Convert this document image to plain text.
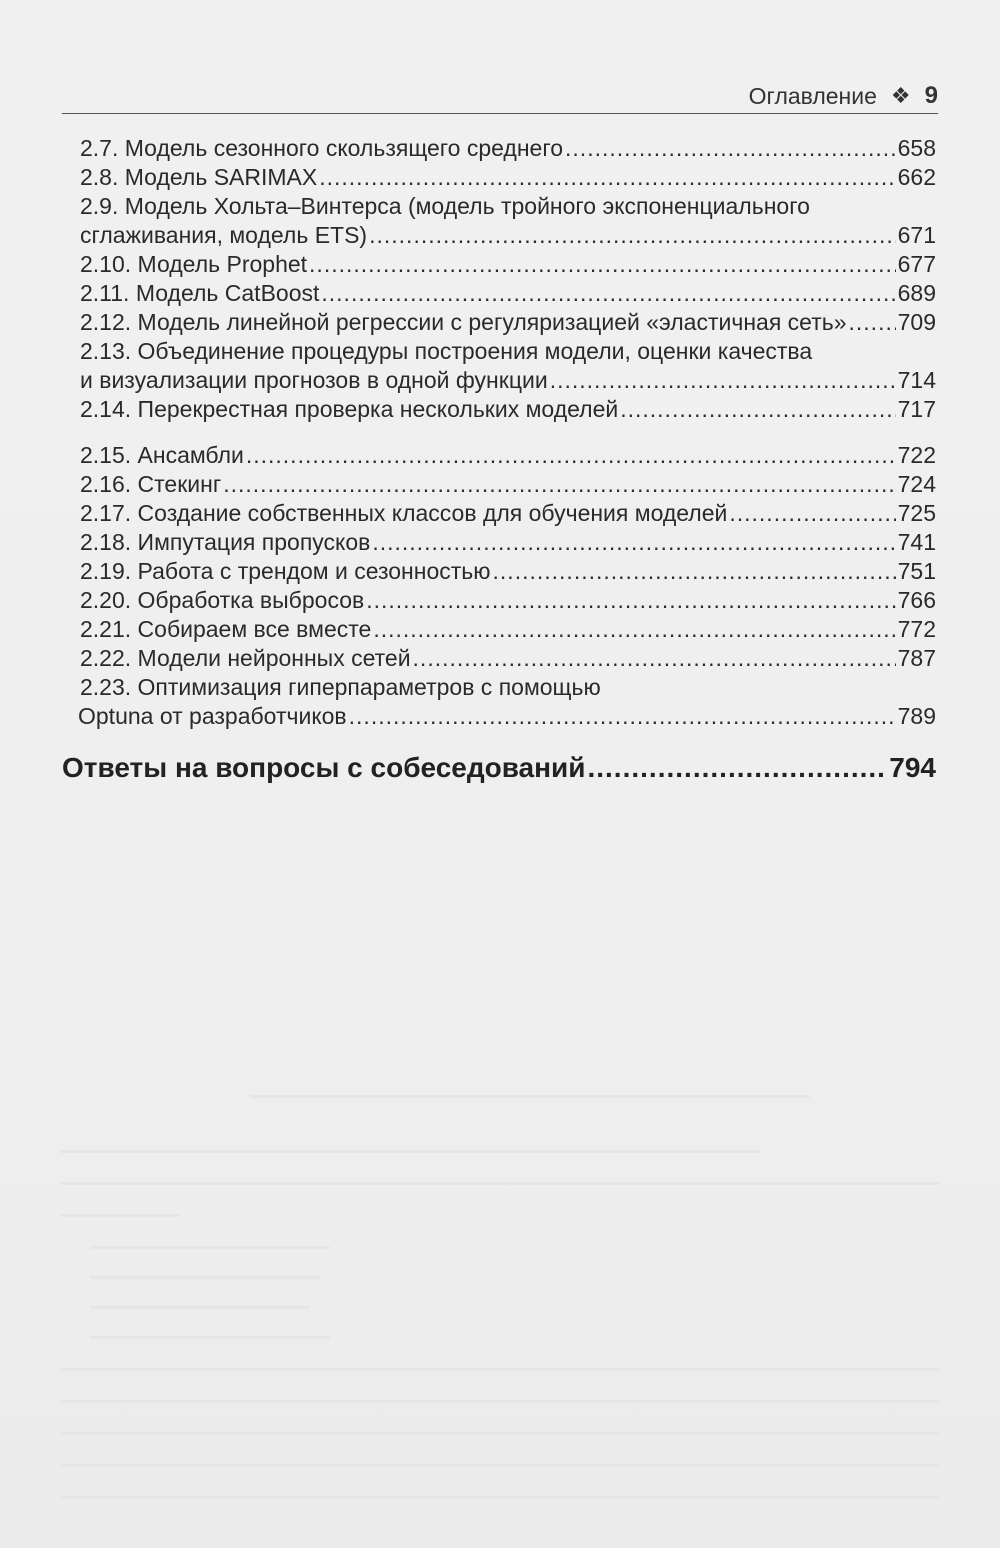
Оглавление ❖ 9
2.7. Модель сезонного скользящего среднего .....	658
2.8. Модель SARIMAX .....	662
2.9. Модель Хольта–Винтерса (модель тройного экспоненциального
сглаживания, модель ETS) .....	671
2.10. Модель Prophet .....	677
2.11. Модель CatBoost .....	689
2.12. Модель линейной регрессии с регуляризацией «эластичная сеть» ..... 709
2.13. Объединение процедуры построения модели, оценки качества
и визуализации прогнозов в одной функции .....	714
2.14. Перекрестная проверка нескольких моделей .....	717
2.15. Ансамбли .....	722
2.16. Стекинг .....	724
2.17. Создание собственных классов для обучения моделей .....	725
2.18. Импутация пропусков .....	741
2.19. Работа с трендом и сезонностью .....	751
2.20. Обработка выбросов .....	766
2.21. Собираем все вместе .....	772
2.22. Модели нейронных сетей .....	787
2.23. Оптимизация гиперпараметров с помощью
Optuna от разработчиков .....	789
Ответы на вопросы с собеседований .....	794
